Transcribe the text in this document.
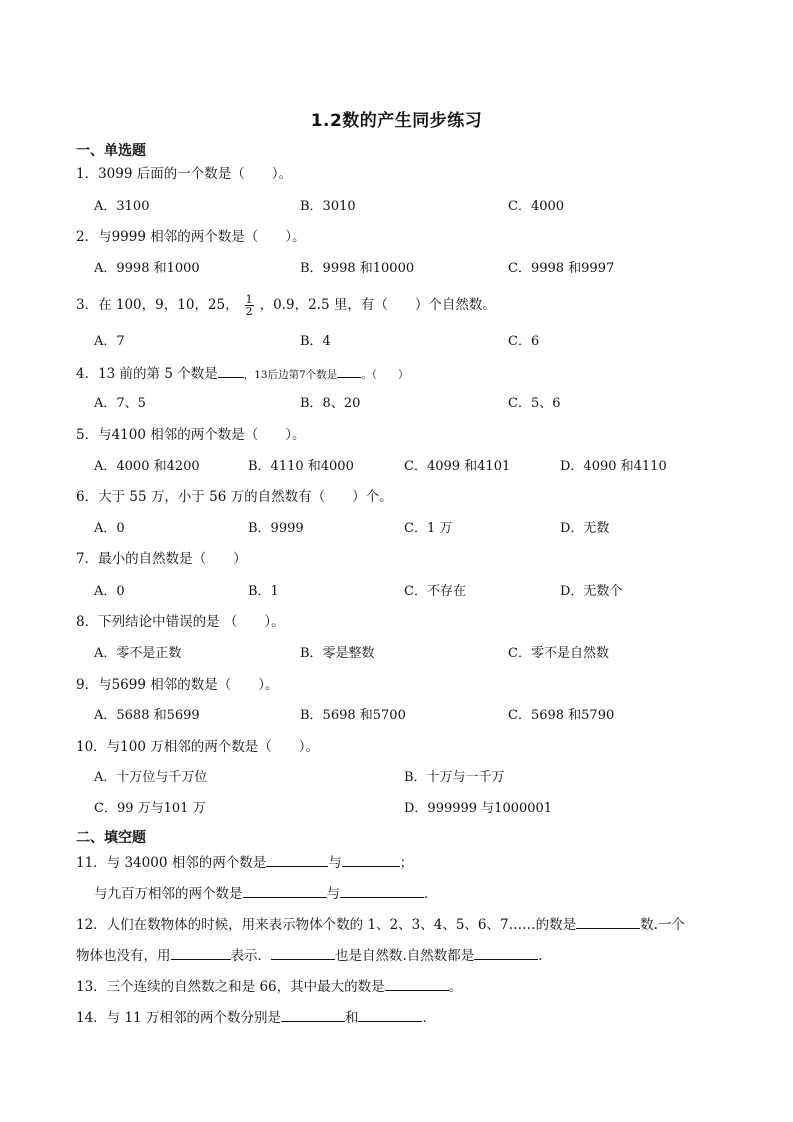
1.2数的产生同步练习
一、单选题
1．3099 后面的一个数是（　　）。
A．3100	B．3010	C．4000
2．与9999 相邻的两个数是（　　）。
A．9998 和1000	B．9998 和10000	C．9998 和9997
3．在 100，9，10，25， $\frac{1}{2}$ ，0.9，2.5 里，有（　　）个自然数。
A．7	B．4	C．6
4．13 前的第 5 个数是 ，13后边第7个数是 。（　　）
A．7、5	B．8、20	C．5、6
5．与4100 相邻的两个数是（　　）。
A．4000 和4200	B．4110 和4000	C．4099 和4101	D．4090 和4110
6．大于 55 万，小于 56 万的自然数有（　　）个。
A．0	B．9999	C．1 万	D．无数
7．最小的自然数是（　　）
A．0	B．1	C．不存在	D．无数个
8．下列结论中错误的是 （　　）。
A．零不是正数	B．零是整数	C．零不是自然数
9．与5699 相邻的数是（　　）。
A．5688 和5699	B．5698 和5700	C．5698 和5790
10．与100 万相邻的两个数是（　　）。
A．十万位与千万位	B．十万与一千万
C．99 万与101 万	D．999999 与1000001
二、填空题
11．与 34000 相邻的两个数是	与	；
与九百万相邻的两个数是	与	．
12．人们在数物体的时候，用来表示物体个数的 1、2、3、4、5、6、7……的数是	数.一个
物体也没有，用	表示．	也是自然数.自然数都是	．
13．三个连续的自然数之和是 66，其中最大的数是	。
14．与 11 万相邻的两个数分别是	和	．
